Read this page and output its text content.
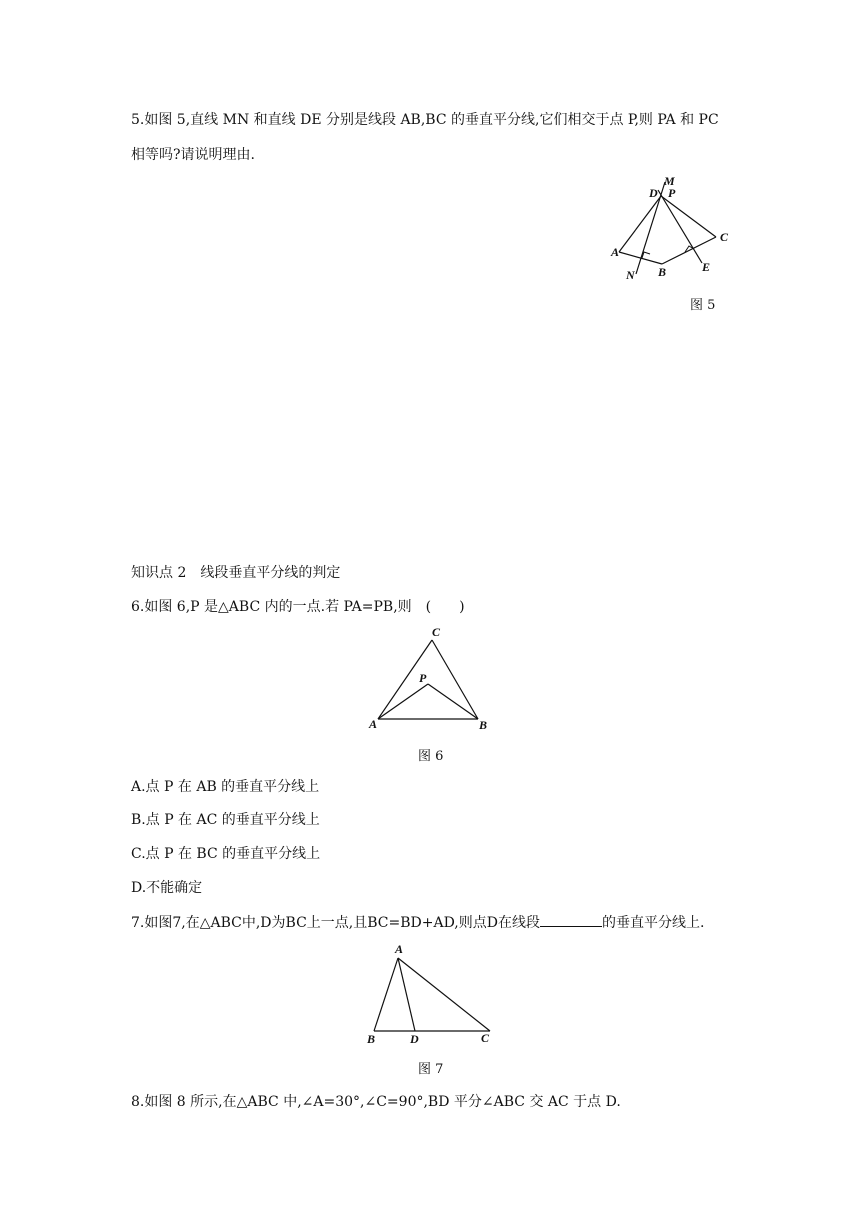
5.如图 5,直线 MN 和直线 DE 分别是线段 AB,BC 的垂直平分线,它们相交于点 P,则 PA 和 PC
相等吗?请说明理由.
M
D P
C
A
N B	E
图 5
知识点 2　线段垂直平分线的判定
6.如图 6,P 是△ABC 内的一点.若 PA=PB,则　(　　)
C
P
A	B
图 6
A.点 P 在 AB 的垂直平分线上
B.点 P 在 AC 的垂直平分线上
C.点 P 在 BC 的垂直平分线上
D.不能确定
7.如图7,在△ABC中,D为BC上一点,且BC=BD+AD,则点D在线段	的垂直平分线上.
A
B	D	C
图 7
8.如图 8 所示,在△ABC 中,∠A=30°,∠C=90°,BD 平分∠ABC 交 AC 于点 D.
